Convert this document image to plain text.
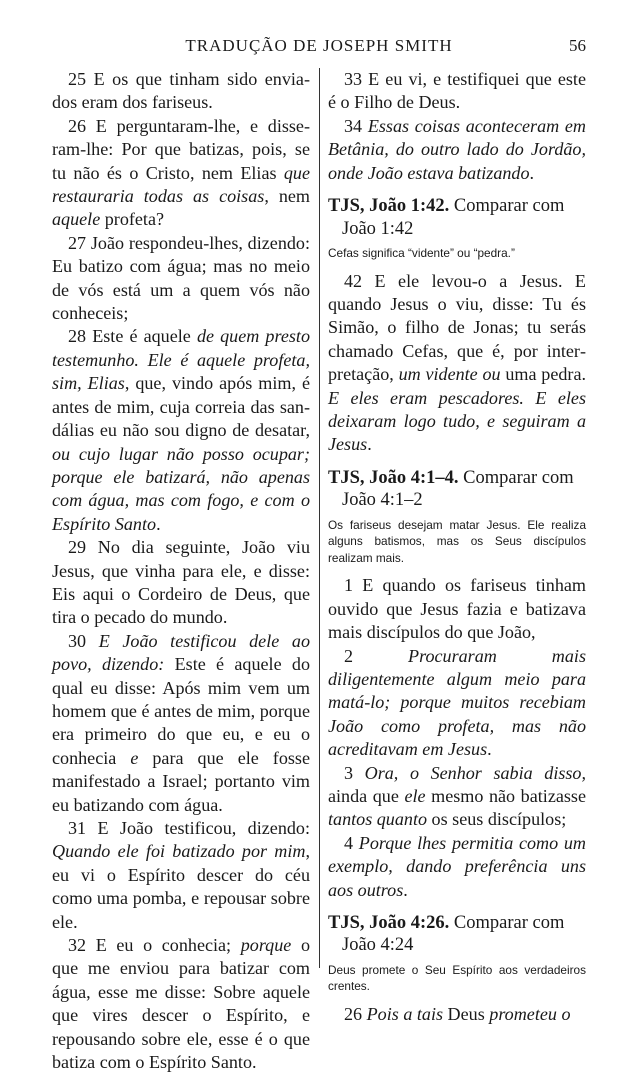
TRADUÇÃO DE JOSEPH SMITH	56

25 E os que tinham sido enviados eram dos fariseus.

26 E perguntaram-lhe, e disseram-lhe: Por que batizas, pois, se tu não és o Cristo, nem Elias que restauraria todas as coisas, nem aquele profeta?

27 João respondeu-lhes, dizendo: Eu batizo com água; mas no meio de vós está um a quem vós não conheceis;

28 Este é aquele de quem presto testemunho. Ele é aquele profeta, sim, Elias, que, vindo após mim, é antes de mim, cuja correia das sandálias eu não sou digno de desatar, ou cujo lugar não posso ocupar; porque ele batizará, não apenas com água, mas com fogo, e com o Espírito Santo.

29 No dia seguinte, João viu Jesus, que vinha para ele, e disse: Eis aqui o Cordeiro de Deus, que tira o pecado do mundo.

30 E João testificou dele ao povo, dizendo: Este é aquele do qual eu disse: Após mim vem um homem que é antes de mim, porque era primeiro do que eu, e eu o conhecia e para que ele fosse manifestado a Israel; portanto vim eu batizando com água.

31 E João testificou, dizendo: Quando ele foi batizado por mim, eu vi o Espírito descer do céu como uma pomba, e repousar sobre ele.

32 E eu o conhecia; porque o que me enviou para batizar com água, esse me disse: Sobre aquele que vires descer o Espírito, e repousando sobre ele, esse é o que batiza com o Espírito Santo.

33 E eu vi, e testifiquei que este é o Filho de Deus.

34 Essas coisas aconteceram em Betânia, do outro lado do Jordão, onde João estava batizando.

TJS, João 1:42. Comparar com João 1:42
Cefas significa “vidente” ou “pedra.”

42 E ele levou-o a Jesus. E quando Jesus o viu, disse: Tu és Simão, o filho de Jonas; tu serás chamado Cefas, que é, por interpretação, um vidente ou uma pedra. E eles eram pescadores. E eles deixaram logo tudo, e seguiram a Jesus.

TJS, João 4:1–4. Comparar com João 4:1–2
Os fariseus desejam matar Jesus. Ele realiza alguns batismos, mas os Seus discípulos realizam mais.

1 E quando os fariseus tinham ouvido que Jesus fazia e batizava mais discípulos do que João,

2 Procuraram mais diligentemente algum meio para matá-lo; porque muitos recebiam João como profeta, mas não acreditavam em Jesus.

3 Ora, o Senhor sabia disso, ainda que ele mesmo não batizasse tantos quanto os seus discípulos;

4 Porque lhes permitia como um exemplo, dando preferência uns aos outros.

TJS, João 4:26. Comparar com João 4:24
Deus promete o Seu Espírito aos verdadeiros crentes.

26 Pois a tais Deus prometeu o
